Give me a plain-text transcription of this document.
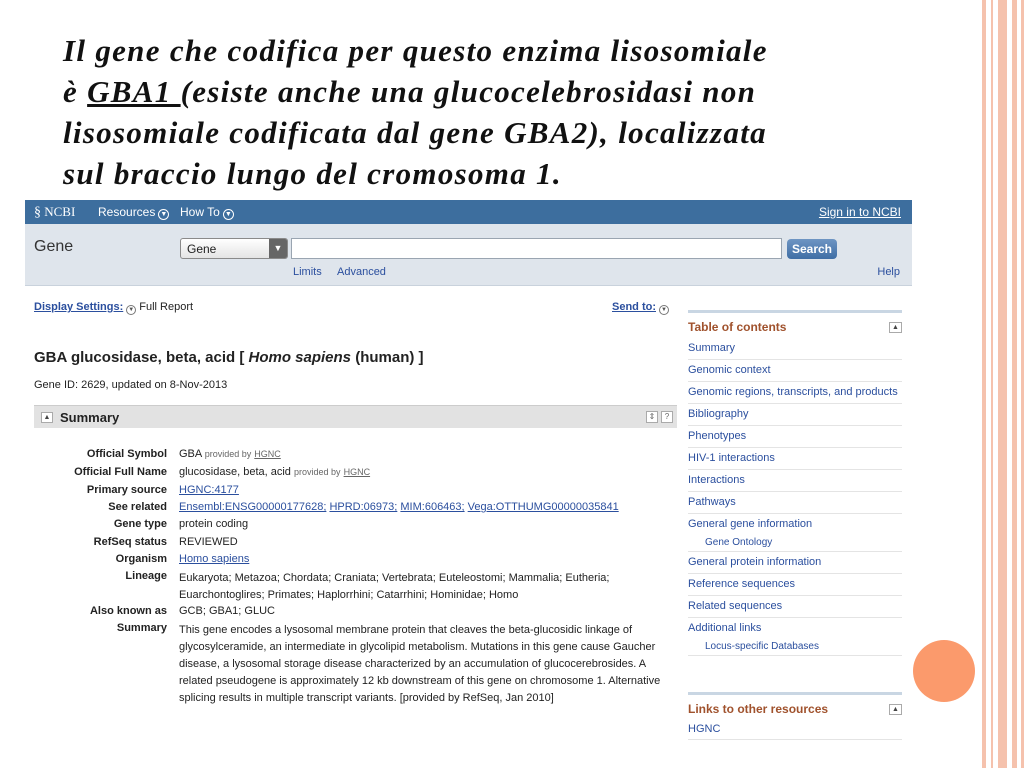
Il gene che codifica per questo enzima lisosomiale
è GBA1 (esiste anche una glucocelebrosidasi non
lisosomiale codificata dal gene GBA2), localizzata
sul braccio lungo del cromosoma 1.
§ NCBI Resources ▼ How To ▼	Sign in to NCBI
Gene	Gene	▼	Search
Limits Advanced	Help
Display Settings: ▼ Full Report	Send to: ▼
GBA glucosidase, beta, acid [ Homo sapiens (human) ]
Gene ID: 2629, updated on 8-Nov-2013
▲ Summary	⇕	?
Official Symbol GBA provided by HGNC
Official Full Name glucosidase, beta, acid provided by HGNC
Primary source HGNC:4177
See related Ensembl:ENSG00000177628; HPRD:06973; MIM:606463; Vega:OTTHUMG00000035841
Gene type protein coding
RefSeq status REVIEWED
Organism Homo sapiens
Lineage Eukaryota; Metazoa; Chordata; Craniata; Vertebrata; Euteleostomi; Mammalia; Eutheria;
Euarchontoglires; Primates; Haplorrhini; Catarrhini; Hominidae; Homo
Also known as GCB; GBA1; GLUC
Summary This gene encodes a lysosomal membrane protein that cleaves the beta-glucosidic linkage of glycosylceramide, an intermediate in glycolipid metabolism. Mutations in this gene cause Gaucher disease, a lysosomal storage disease characterized by an accumulation of glucocerebrosides. A related pseudogene is approximately 12 kb downstream of this gene on chromosome 1. Alternative splicing results in multiple transcript variants. [provided by RefSeq, Jan 2010]
Table of contents	▲
Summary
Genomic context
Genomic regions, transcripts, and products
Bibliography
Phenotypes
HIV-1 interactions
Interactions
Pathways
General gene information
Gene Ontology
General protein information
Reference sequences
Related sequences
Additional links
Locus-specific Databases
Links to other resources	▲
HGNC
